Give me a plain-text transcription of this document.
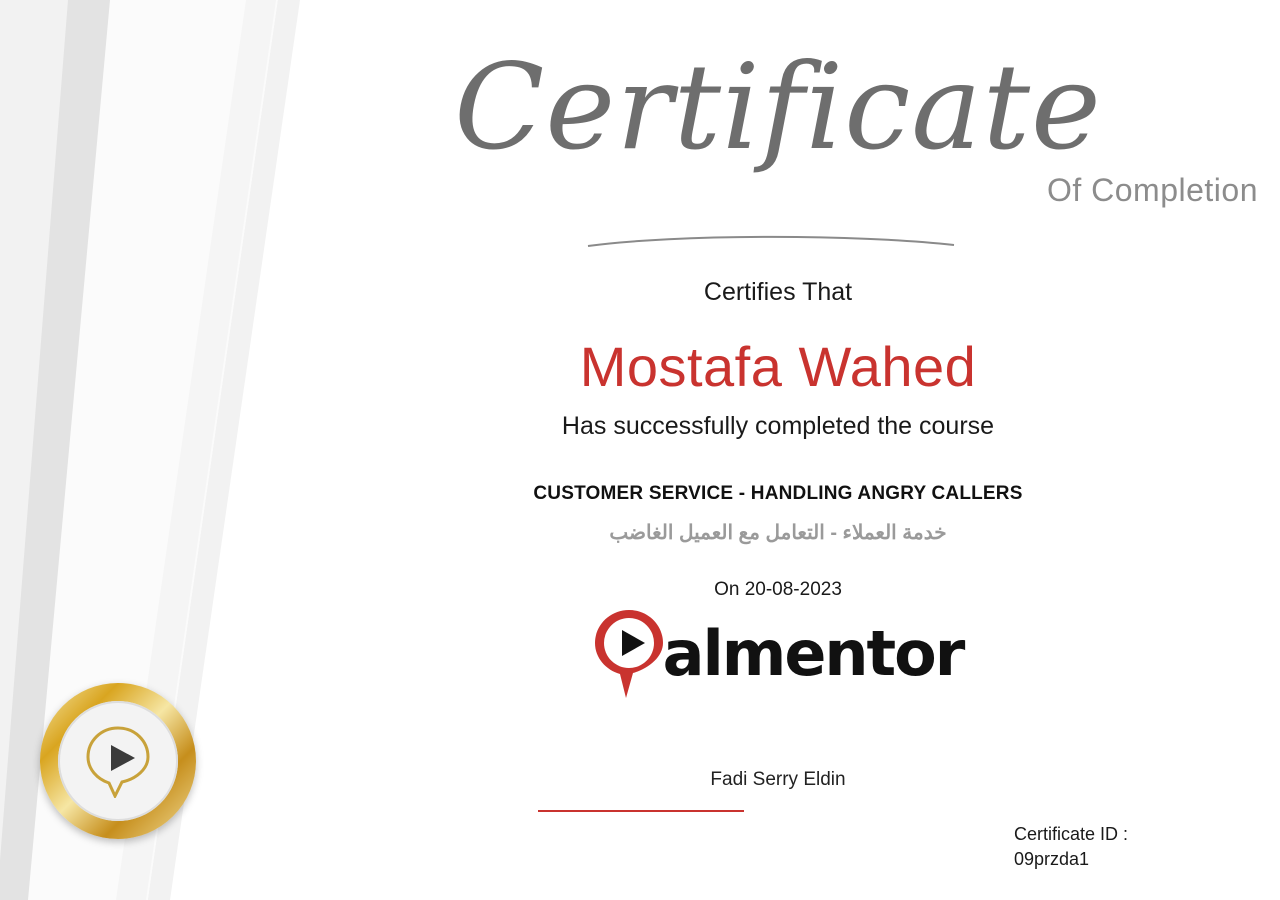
Certificate
Of Completion
Certifies That
Mostafa Wahed
Has successfully completed the course
CUSTOMER SERVICE - HANDLING ANGRY CALLERS
خدمة العملاء - التعامل مع العميل الغاضب
On 20-08-2023
almentor
Fadi Serry Eldin
Certificate ID :
09przda1
